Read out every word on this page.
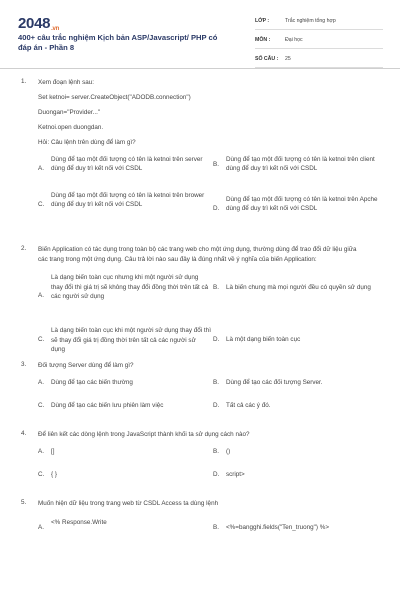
2048.vn
400+ câu trắc nghiệm Kịch bản ASP/Javascript/ PHP có đáp án - Phần 8
LỚP :	Trắc nghiệm tổng hợp
MÔN :	Đại học
SỐ CÂU : 25
1. Xem đoạn lệnh sau:
Set ketnoi= server.CreateObject("ADODB.connection")
Duongan="Provider..."
Ketnoi.open duongdan.
Hỏi: Câu lệnh trên dùng để làm gì?
A.
Dùng để tạo một đối tượng có tên là ketnoi trên server dùng để duy trì kết nối với CSDL
B.
Dùng để tạo một đối tượng có tên là ketnoi trên client dùng để duy trì kết nối với CSDL
C.
Dùng để tạo một đối tượng có tên là ketnoi trên brower dùng để duy trì kết nối với CSDL
D.
Dùng để tạo một đối tượng có tên là ketnoi trên Apche dùng để duy trì kết nối với CSDL
2. Biến Application có tác dụng trong toàn bộ các trang web cho một ứng dụng, thường dùng để trao đổi dữ liệu giữa các trang trong một ứng dụng. Câu trả lời nào sau đây là đúng nhất về ý nghĩa của biến Application:
A.
Là dạng biến toàn cục nhưng khi một người sử dụng thay đổi thì giá trị sẽ không thay đổi đồng thời trên tất cả các người sử dụng
B. Là biến chung mà mọi người đều có quyền sử dụng
C.
Là dạng biến toàn cục khi một người sử dụng thay đổi thì sẽ thay đổi giá trị đồng thời trên tất cả các người sử dụng
D. Là một dạng biến toàn cục
3. Đối tượng Server dùng để làm gì?
A. Dùng để tạo các biến thường	B. Dùng để tạo các đối tượng Server.
C. Dùng để tạo các biến lưu phiên làm việc	D. Tất cả các ý đó.
4. Để liên kết các dòng lệnh trong JavaScript thành khối ta sử dụng cách nào?
A. []	B. ()
C. { }	D. script>
5. Muốn hiện dữ liệu trong trang web từ CSDL Access ta dùng lệnh
A.
<% Response.Write
B. <%=bangghi.fields("Ten_truong") %>
